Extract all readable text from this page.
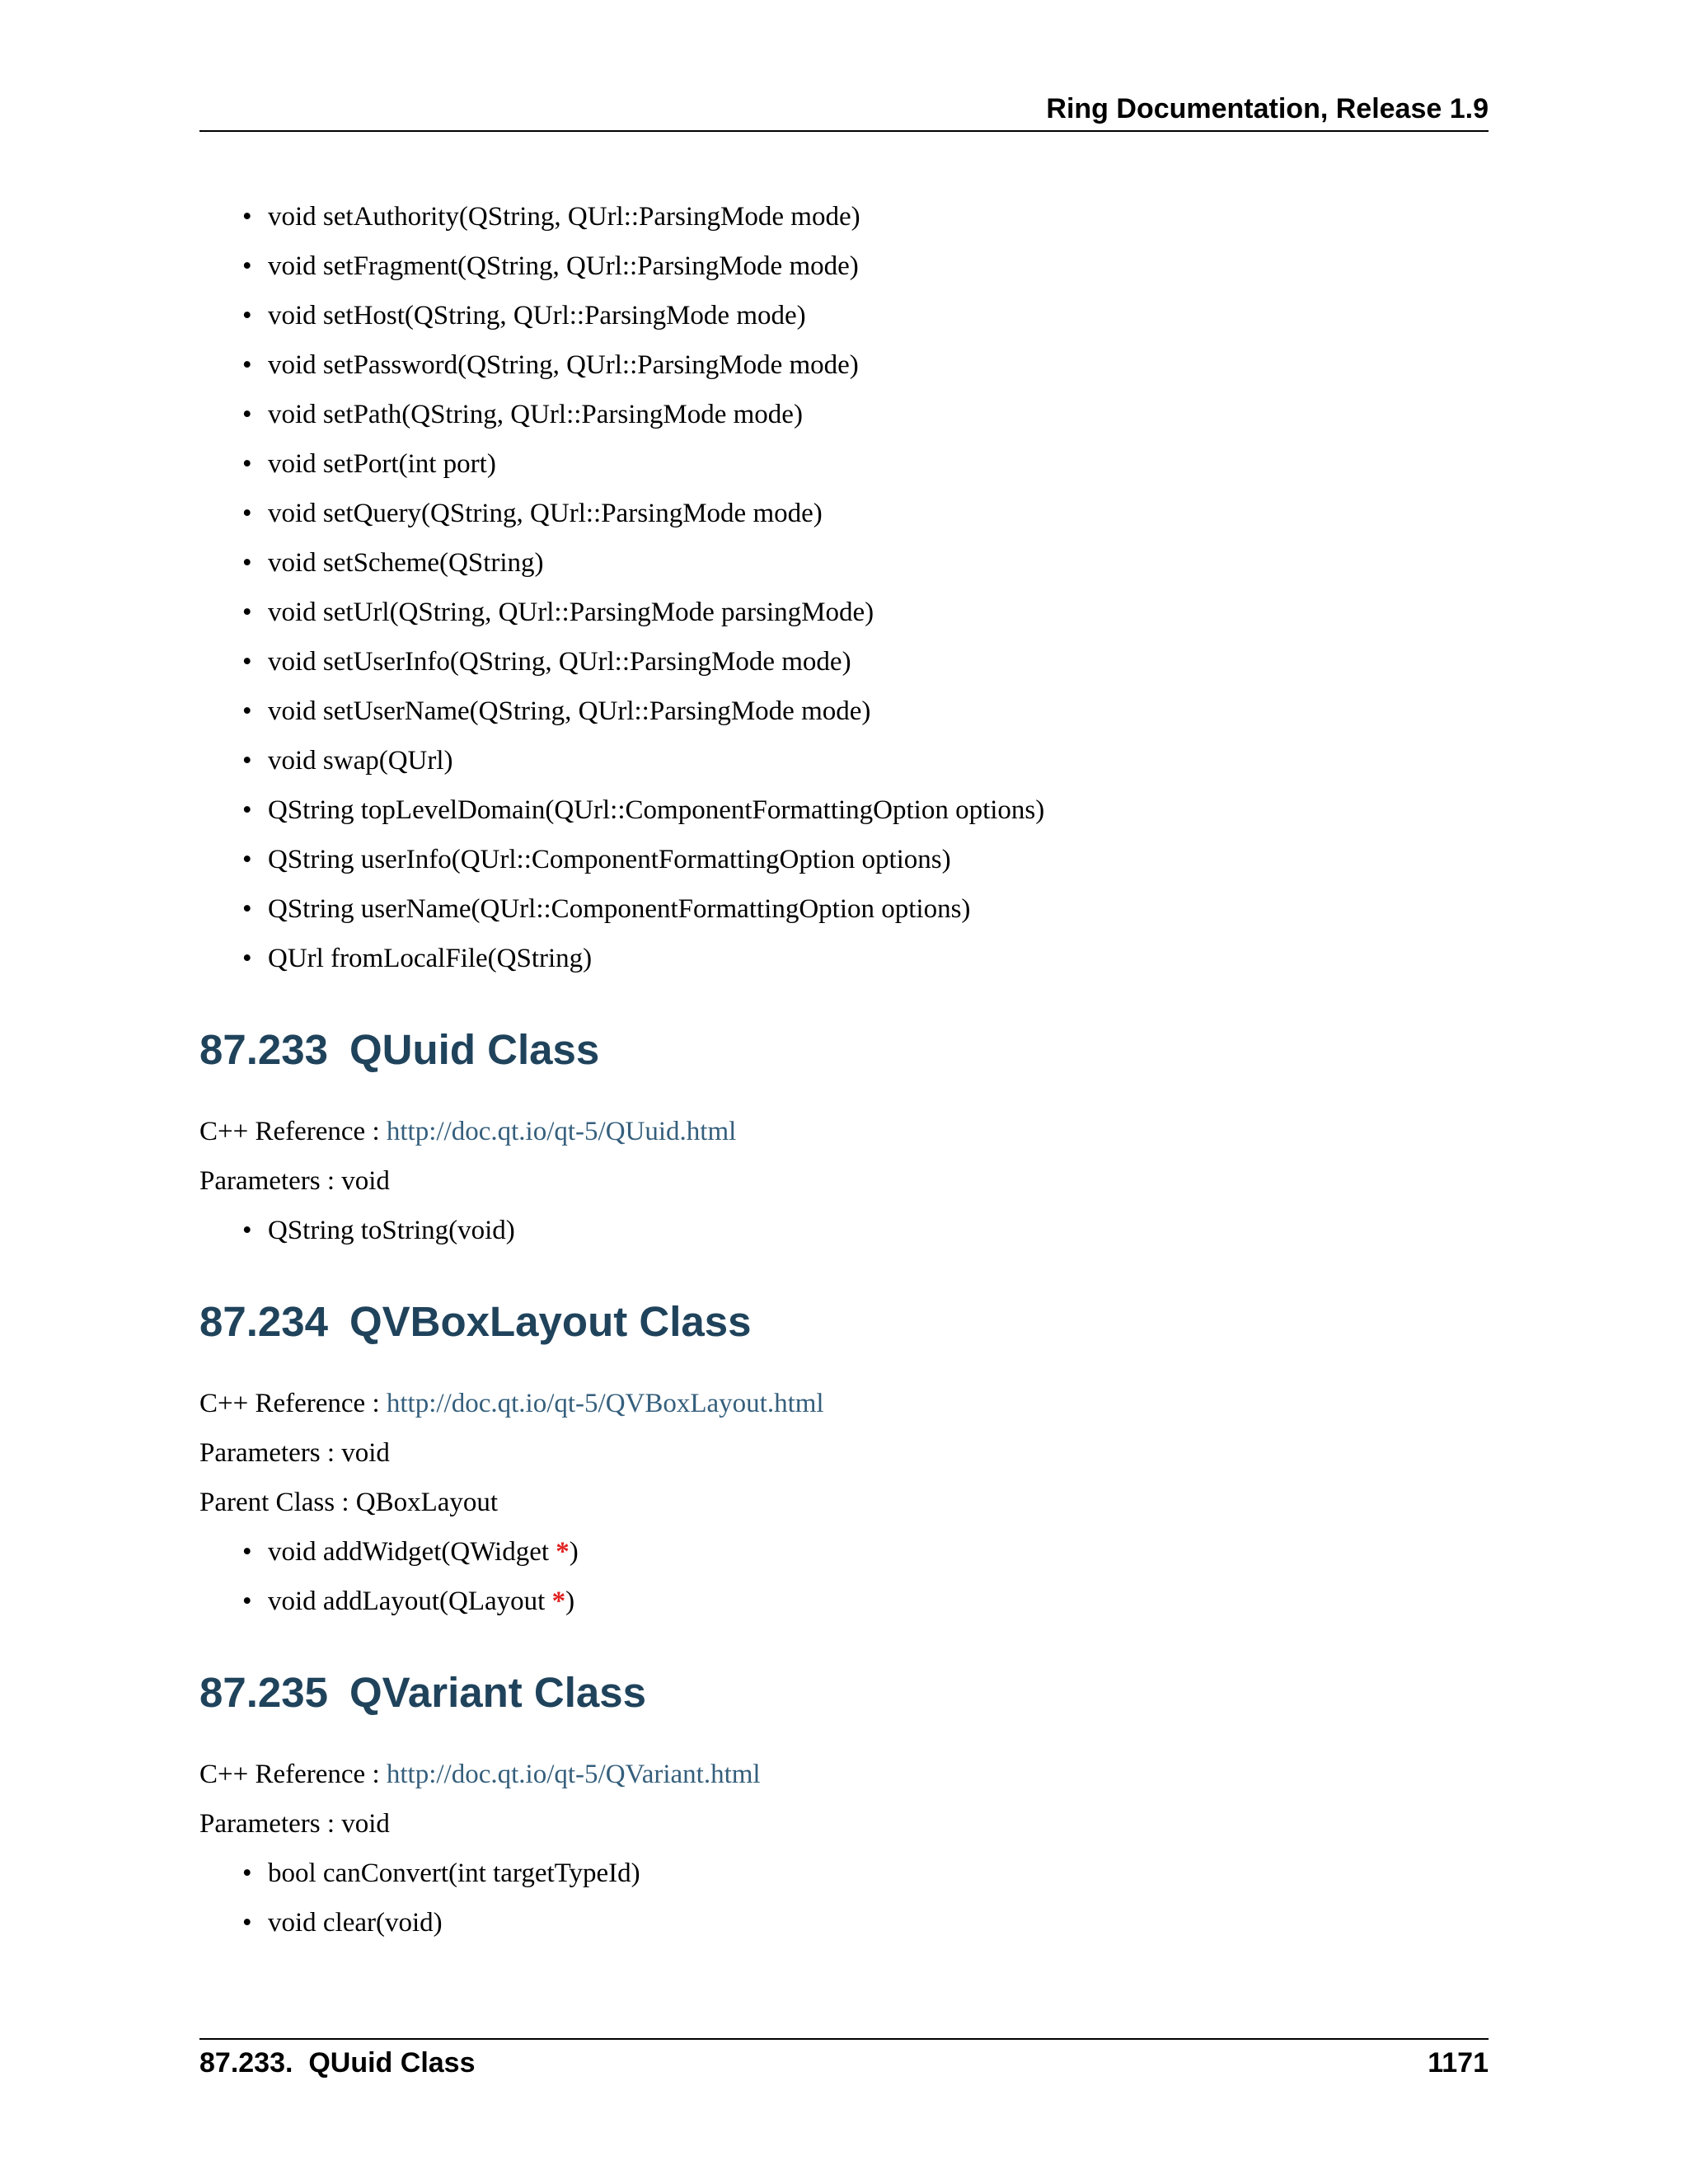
Ring Documentation, Release 1.9
• void setAuthority(QString, QUrl::ParsingMode mode)
• void setFragment(QString, QUrl::ParsingMode mode)
• void setHost(QString, QUrl::ParsingMode mode)
• void setPassword(QString, QUrl::ParsingMode mode)
• void setPath(QString, QUrl::ParsingMode mode)
• void setPort(int port)
• void setQuery(QString, QUrl::ParsingMode mode)
• void setScheme(QString)
• void setUrl(QString, QUrl::ParsingMode parsingMode)
• void setUserInfo(QString, QUrl::ParsingMode mode)
• void setUserName(QString, QUrl::ParsingMode mode)
• void swap(QUrl)
• QString topLevelDomain(QUrl::ComponentFormattingOption options)
• QString userInfo(QUrl::ComponentFormattingOption options)
• QString userName(QUrl::ComponentFormattingOption options)
• QUrl fromLocalFile(QString)
87.233 QUuid Class

C++ Reference : http://doc.qt.io/qt-5/QUuid.html

Parameters : void

• QString toString(void)
87.234 QVBoxLayout Class

C++ Reference : http://doc.qt.io/qt-5/QVBoxLayout.html

Parameters : void

Parent Class : QBoxLayout

• void addWidget(QWidget *)
• void addLayout(QLayout *)
87.235 QVariant Class

C++ Reference : http://doc.qt.io/qt-5/QVariant.html

Parameters : void

• bool canConvert(int targetTypeId)
• void clear(void)
87.233.  QUuid Class	1171
